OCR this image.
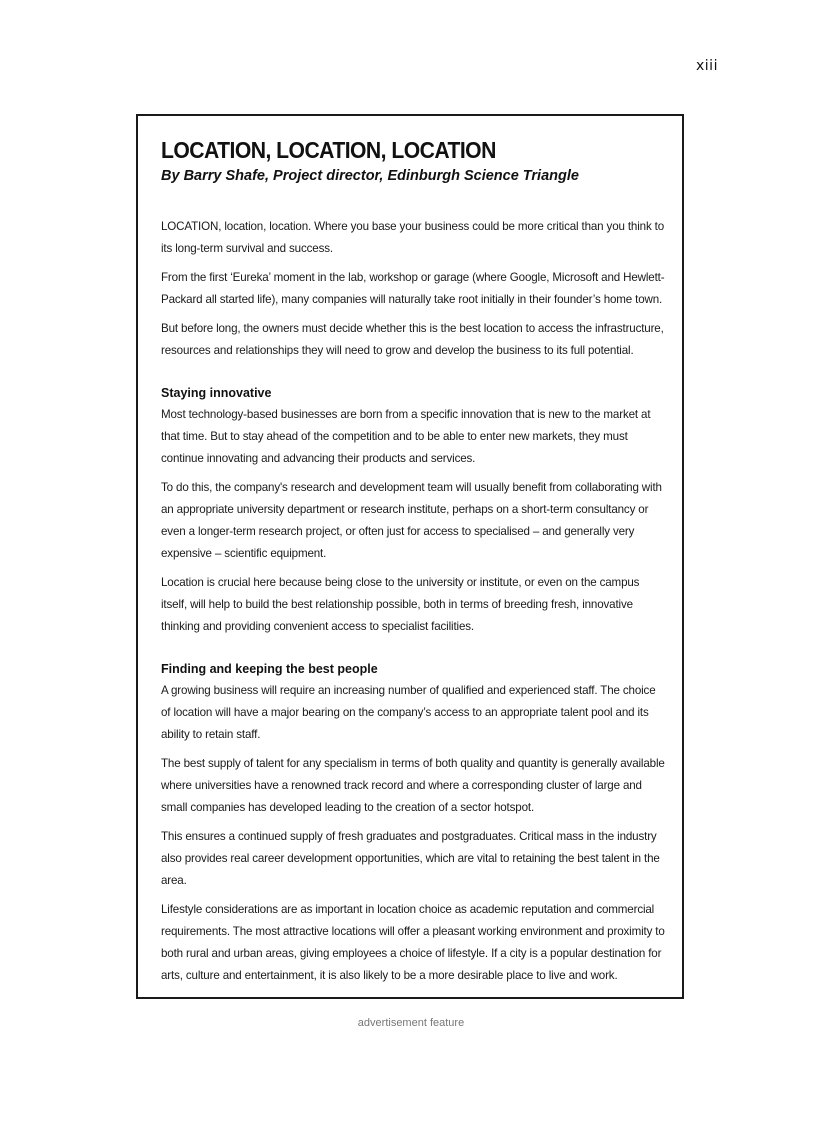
xiii
LOCATION, LOCATION, LOCATION

By Barry Shafe, Project director, Edinburgh Science Triangle

LOCATION, location, location. Where you base your business could be more critical than you think to its long-term survival and success.

From the first ‘Eureka’ moment in the lab, workshop or garage (where Google, Microsoft and Hewlett-Packard all started life), many companies will naturally take root initially in their founder’s home town.

But before long, the owners must decide whether this is the best location to access the infrastructure, resources and relationships they will need to grow and develop the business to its full potential.

Staying innovative

Most technology-based businesses are born from a specific innovation that is new to the market at that time. But to stay ahead of the competition and to be able to enter new markets, they must continue innovating and advancing their products and services.

To do this, the company's research and development team will usually benefit from collaborating with an appropriate university department or research institute, perhaps on a short-term consultancy or even a longer-term research project, or often just for access to specialised – and generally very expensive – scientific equipment.

Location is crucial here because being close to the university or institute, or even on the campus itself, will help to build the best relationship possible, both in terms of breeding fresh, innovative thinking and providing convenient access to specialist facilities.

Finding and keeping the best people

A growing business will require an increasing number of qualified and experienced staff. The choice of location will have a major bearing on the company’s access to an appropriate talent pool and its ability to retain staff.

The best supply of talent for any specialism in terms of both quality and quantity is generally available where universities have a renowned track record and where a corresponding cluster of large and small companies has developed leading to the creation of a sector hotspot.

This ensures a continued supply of fresh graduates and postgraduates. Critical mass in the industry also provides real career development opportunities, which are vital to retaining the best talent in the area.

Lifestyle considerations are as important in location choice as academic reputation and commercial requirements. The most attractive locations will offer a pleasant working environment and proximity to both rural and urban areas, giving employees a choice of lifestyle. If a city is a popular destination for arts, culture and entertainment, it is also likely to be a more desirable place to live and work.

advertisement feature
